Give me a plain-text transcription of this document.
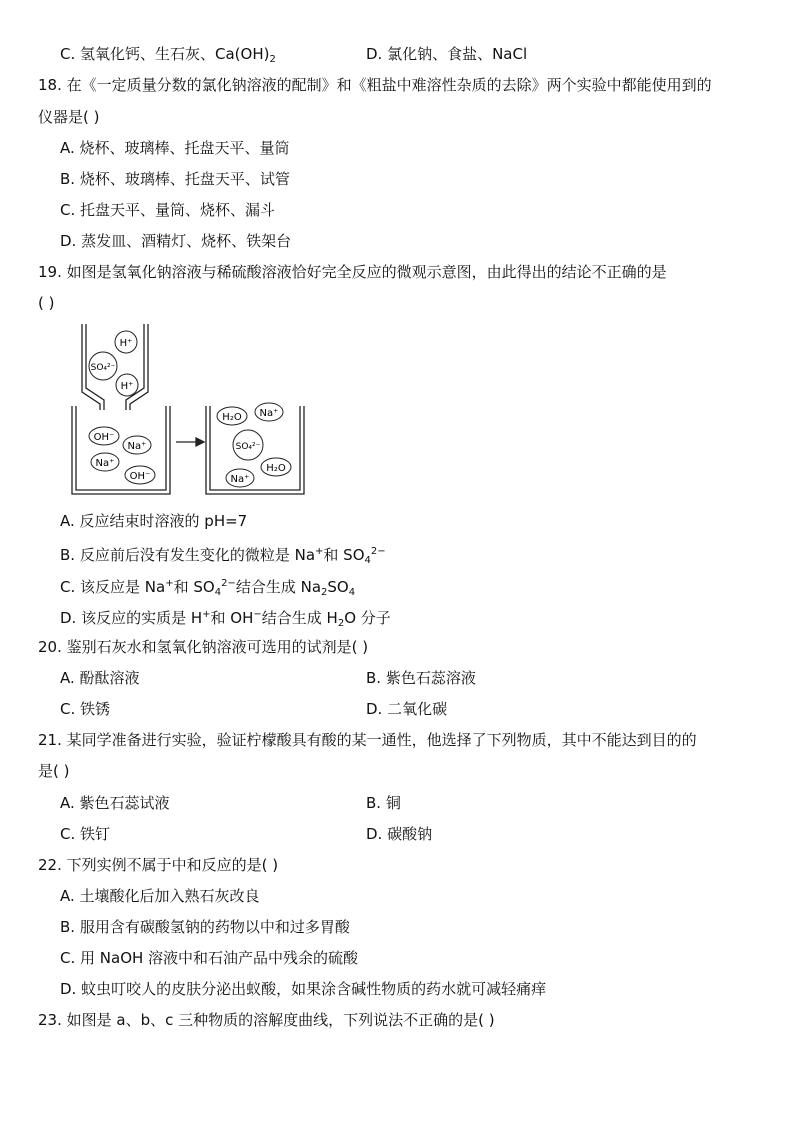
C. 氢氧化钙、生石灰、$Ca(OH)_2$	D. 氯化钠、食盐、NaCl
18. 在《一定质量分数的氯化钠溶液的配制》和《粗盐中难溶性杂质的去除》两个实验中都能使用到的
仪器是( )
A. 烧杯、玻璃棒、托盘天平、量筒
B. 烧杯、玻璃棒、托盘天平、试管
C. 托盘天平、量筒、烧杯、漏斗
D. 蒸发皿、酒精灯、烧杯、铁架台
19. 如图是氢氧化钠溶液与稀硫酸溶液恰好完全反应的微观示意图，由此得出的结论不正确的是
( )
H⁺
SO₄²⁻
H⁺
OH⁻
Na⁺
Na⁺
OH⁻
H₂O Na⁺
SO₄²⁻
H₂O
Na⁺
A. 反应结束时溶液的 pH=7
B. 反应前后没有发生变化的微粒是 Na+和 $SO_4^{2-}$
C. 该反应是 Na+和 $SO_4^{2-}$结合生成 $Na_2SO_4$
D. 该反应的实质是 H+和 OH−结合生成 $H_2O$ 分子
20. 鉴别石灰水和氢氧化钠溶液可选用的试剂是( )
A. 酚酞溶液	B. 紫色石蕊溶液
C. 铁锈	D. 二氧化碳
21. 某同学准备进行实验，验证柠檬酸具有酸的某一通性，他选择了下列物质，其中不能达到目的的
是( )
A. 紫色石蕊试液	B. 铜
C. 铁钉	D. 碳酸钠
22. 下列实例不属于中和反应的是( )
A. 土壤酸化后加入熟石灰改良
B. 服用含有碳酸氢钠的药物以中和过多胃酸
C. 用 NaOH 溶液中和石油产品中残余的硫酸
D. 蚊虫叮咬人的皮肤分泌出蚁酸，如果涂含碱性物质的药水就可减轻痛痒
23. 如图是 a、b、c 三种物质的溶解度曲线，下列说法不正确的是( )
